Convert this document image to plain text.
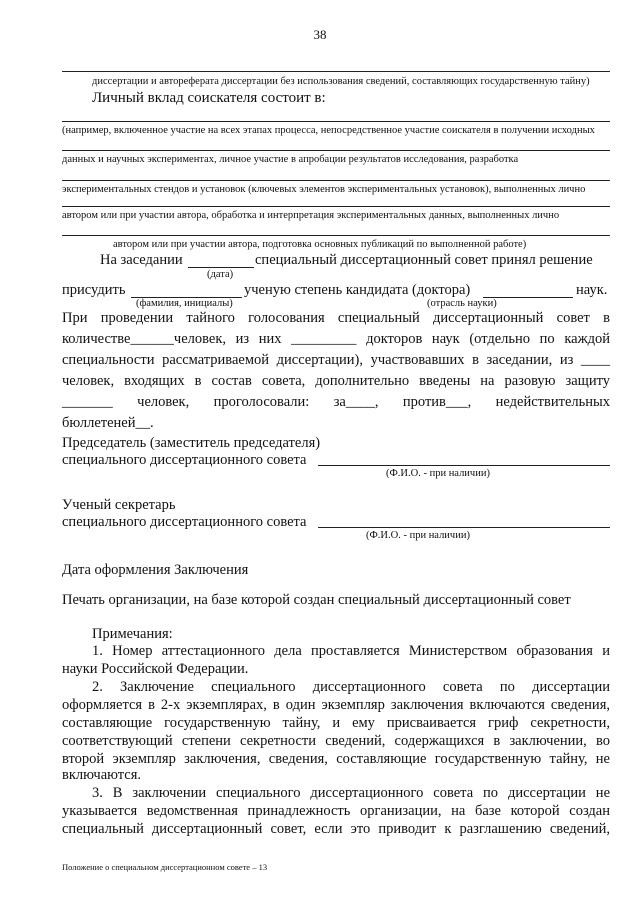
38
диссертации и автореферата диссертации без использования сведений, составляющих государственную тайну)
Личный вклад соискателя состоит в:
(например, включенное участие на всех этапах процесса, непосредственное участие соискателя в получении исходных
данных и научных экспериментах, личное участие в апробации результатов исследования, разработка
экспериментальных стендов и установок (ключевых элементов экспериментальных установок), выполненных лично
автором или при участии автора, обработка и интерпретация экспериментальных данных, выполненных лично
автором или при участии автора, подготовка основных публикаций по выполненной работе)
На заседании	специальный диссертационный совет принял решение
(дата)
присудить	ученую степень кандидата (доктора)	наук.
(фамилия, инициалы)	(отрасль науки)
При проведении тайного голосования специальный диссертационный совет в
количестве______человек, из них _________ докторов наук (отдельно по каждой
специальности рассматриваемой диссертации), участвовавших в заседании, из ____
человек, входящих в состав совета, дополнительно введены на разовую защиту
_______ человек, проголосовали: за____, против___, недействительных
бюллетеней__.
Председатель (заместитель председателя)
специального диссертационного совета
(Ф.И.О. - при наличии)
Ученый секретарь
специального диссертационного совета
(Ф.И.О. - при наличии)
Дата оформления Заключения
Печать организации, на базе которой создан специальный диссертационный совет
Примечания:
1. Номер аттестационного дела проставляется Министерством образования и
науки Российской Федерации.
2. Заключение специального диссертационного совета по диссертации
оформляется в 2-х экземплярах, в один экземпляр заключения включаются сведения,
составляющие государственную тайну, и ему присваивается гриф секретности,
соответствующий степени секретности сведений, содержащихся в заключении, во
второй экземпляр заключения, сведения, составляющие государственную тайну, не
включаются.
3. В заключении специального диссертационного совета по диссертации не
указывается ведомственная принадлежность организации, на базе которой создан
специальный диссертационный совет, если это приводит к разглашению сведений,
Положение о специальном диссертационном совете – 13
